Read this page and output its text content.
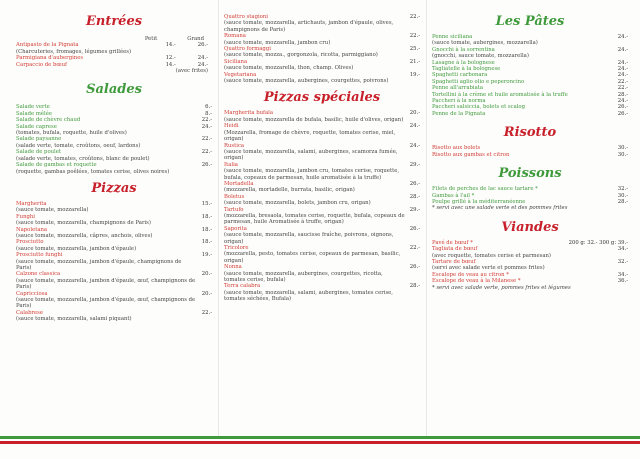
Entrées
Petit	Grand
Antipasto de la Pignata
(Charcuteries, fromages, légumes grillées)
14.-	26.-
Parmigiana d'aubergines	12.-	24.-
Carpaccio de bœuf	14.-	24.-
(avec frites)
Salades
Salade verte	6.-
Salade mêlée	8.-
Salade de chèvre chaud	22.-
Salade caprese
(tomates, bufala, roquette, huile d'olives)
24.-
Salade paysanne
(salade verte, tomate, croûtons, oeuf, lardons)
22.-
Salade de poulet
(salade verte, tomates, croûtons, blanc de poulet)
22.-
Salade de gambas et roquette
(roquette, gambas poêlées, tomates cerise, olives noires)
26.-
Pizzas
Margherita
(sauce tomate, mozzarella)
15.-
Funghi
(sauce tomate, mozzarella, champignons de Paris)
18.-
Napoletana
(sauce tomate, mozzarella, câpres, anchois, olives)
18.-
Prosciutto
(sauce tomate, mozzarella, jambon d'épaule)
18.-
Prosciutto funghi
(sauce tomate, mozzarella, jambon d'épaule, champignons de Paris)
19.-
Calzone classica
(sauce tomate, mozzarella, jambon d'épaule, œuf, champignons de Paris)
20.-
Capricciosa
(sauce tomate, mozzarella, jambon d'épaule, œuf, champignons de Paris)
20.-
Calabrese
(sauce tomate, mozzarella, salami piquant)
22.-
Quattro stagioni
(sauce tomate, mozzarella, artichauts, jambon d'épaule, olives, champignons de Paris)
22.-
Romana
(sauce tomate, mozzarella, jambon cru)
22.-
Quattro formaggi
(sauce tomate, mozza., gorgonzola, ricotta, parmiggiano)
25.-
Siciliana
(sauce tomate, mozzarella, thon, champ. Olives)
21.-
Vegetariana
(sauce tomate, mozzarella, aubergines, courgettes, poivrons)
19.-
Pizzas spéciales
Margherita bufala
(sauce tomate, mozzarella de bufala, basilic, huile d'olives, origan)
20.-
Heidi
(Mozzarella, fromage de chèvre, roquette, tomates cerise, miel, origan)
24.-
Rustica
(sauce tomate, mozzarella, salami, aubergines, scamorza fumée, origan)
24.-
Italia
(sauce tomate, mozzarella, jambon cru, tomates cerise, roquette, bufala, copeaux de parmesan, huile aromatisée à la truffe)
29.-
Mortadella
(mozzarella, mortadelle, burrata, basilic, origan)
26.-
Boletus
(sauce tomate, mozzarella, bolets, jambon cru, origan)
28.-
Tartufo
(mozzarella, bresaola, tomates cerise, roquette, bufala, copeaux de parmesan, huile Aromatisée à truffe, origan)
29.-
Saporita
(sauce tomate, mozzarella, saucisse fraîche, poivrons, oignons, origan)
26.-
Tricolore
(mozzarella, pesto, tomates cerise, copeaux de parmesan, basilic, origan)
22.-
Nonna
(sauce tomate, mozzarella, aubergines, courgettes, ricotta, tomates cerise, bufala)
26.-
Terra calabra
(sauce tomate, mozzarella, salami, aubergines, tomates cerise, tomates séchées, Bufala)
28.-
Les Pâtes
Penne siciliana
(sauce tomate, aubergines, mozzarella)
24.-
Gnocchi à la sorrentina
(gnocchi, sauce tomate, mozzarella)
24.-
Lasagne à la bolognese	24.-
Tagliatelle à la bolognese	24.-
Spaghetti carbonara	24.-
Spaghetti aglio olio e peperoncino	22.-
Penne all'arrabiata	22.-
Tortellini à la crème et huile aromatisée à la truffe	28.-
Paccheri à la norma	24.-
Paccheri salsiccia, bolets et scalog	26.-
Penne de la Pignata	26.-
Risotto
Risotto aux bolets	30.-
Risotto aux gambas et citron	30.-
Poissons
Filets de perches de lac sauce tartare *	32.-
Gambas à l'ail *	30.-
Poulpe grillé à la méditerranéenne	28.-
* servi avec une salade verte et des pommes frites
Viandes
Pavé de bœuf *	200 g: 32.- 300 g: 39.-
Tagliata de bœuf
(avec roquette, tomates cerise et parmesan)
34.-
Tartare de bœuf
(servi avec salade verte et pommes frites)
32.-
Escalope de veau au citron *	34.-
Escalope de veau à la Milanese *	36.-
* servi avec salade verte, pommes frites et légumes
